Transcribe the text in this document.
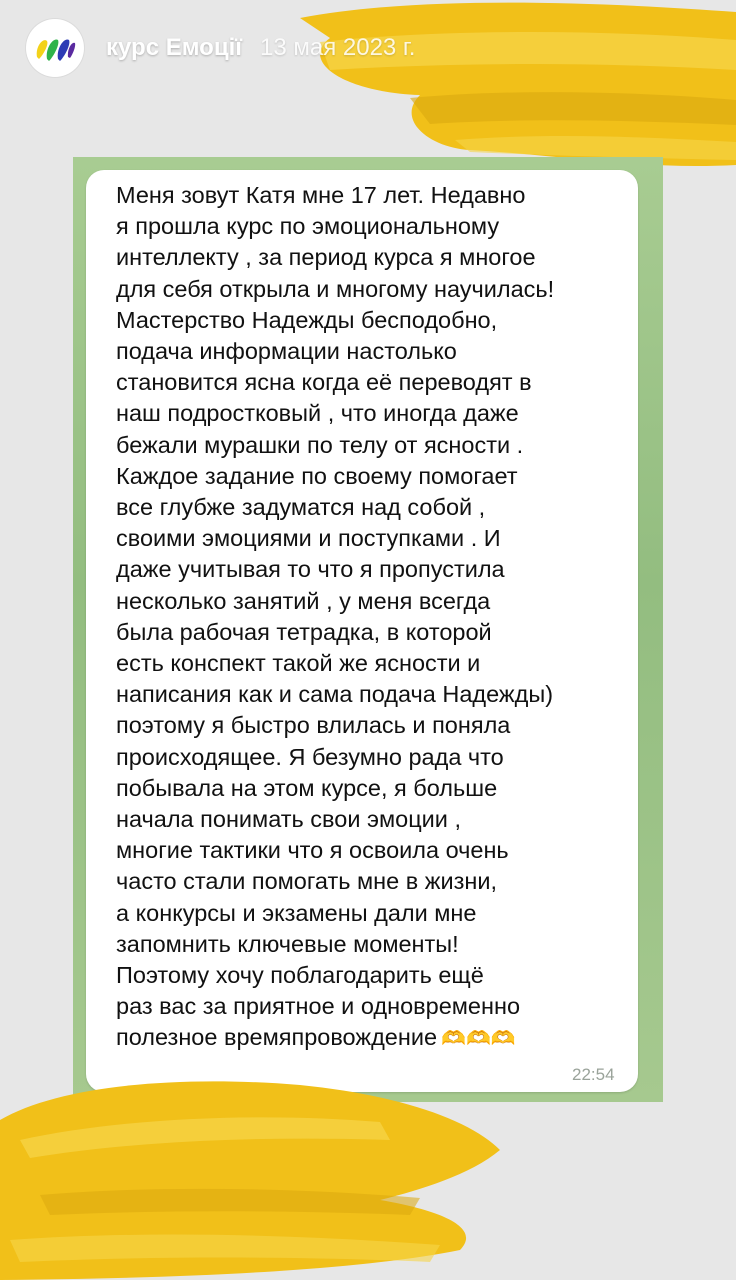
курс Емоції 13 мая 2023 г.

Меня зовут Катя мне 17 лет. Недавно
я прошла курс по эмоциональному
интеллекту , за период курса я многое
для себя открыла и многому научилась!
Мастерство Надежды бесподобно,
подача информации настолько
становится ясна когда её переводят в
наш подростковый , что иногда даже
бежали мурашки по телу от ясности .
Каждое задание по своему помогает
все глубже задуматся над собой ,
своими эмоциями и поступками . И
даже учитывая то что я пропустила
несколько занятий , у меня всегда
была рабочая тетрадка, в которой
есть конспект такой же ясности и
написания как и сама подача Надежды)
поэтому я быстро влилась и поняла
происходящее. Я безумно рада что
побывала на этом курсе, я больше
начала понимать свои эмоции ,
многие тактики что я освоила очень
часто стали помогать мне в жизни,
а конкурсы и экзамены дали мне
запомнить ключевые моменты!
Поэтому хочу поблагодарить ещё
раз вас за приятное и одновременно
полезное времяпровождение 🫶🫶🫶

22:54
